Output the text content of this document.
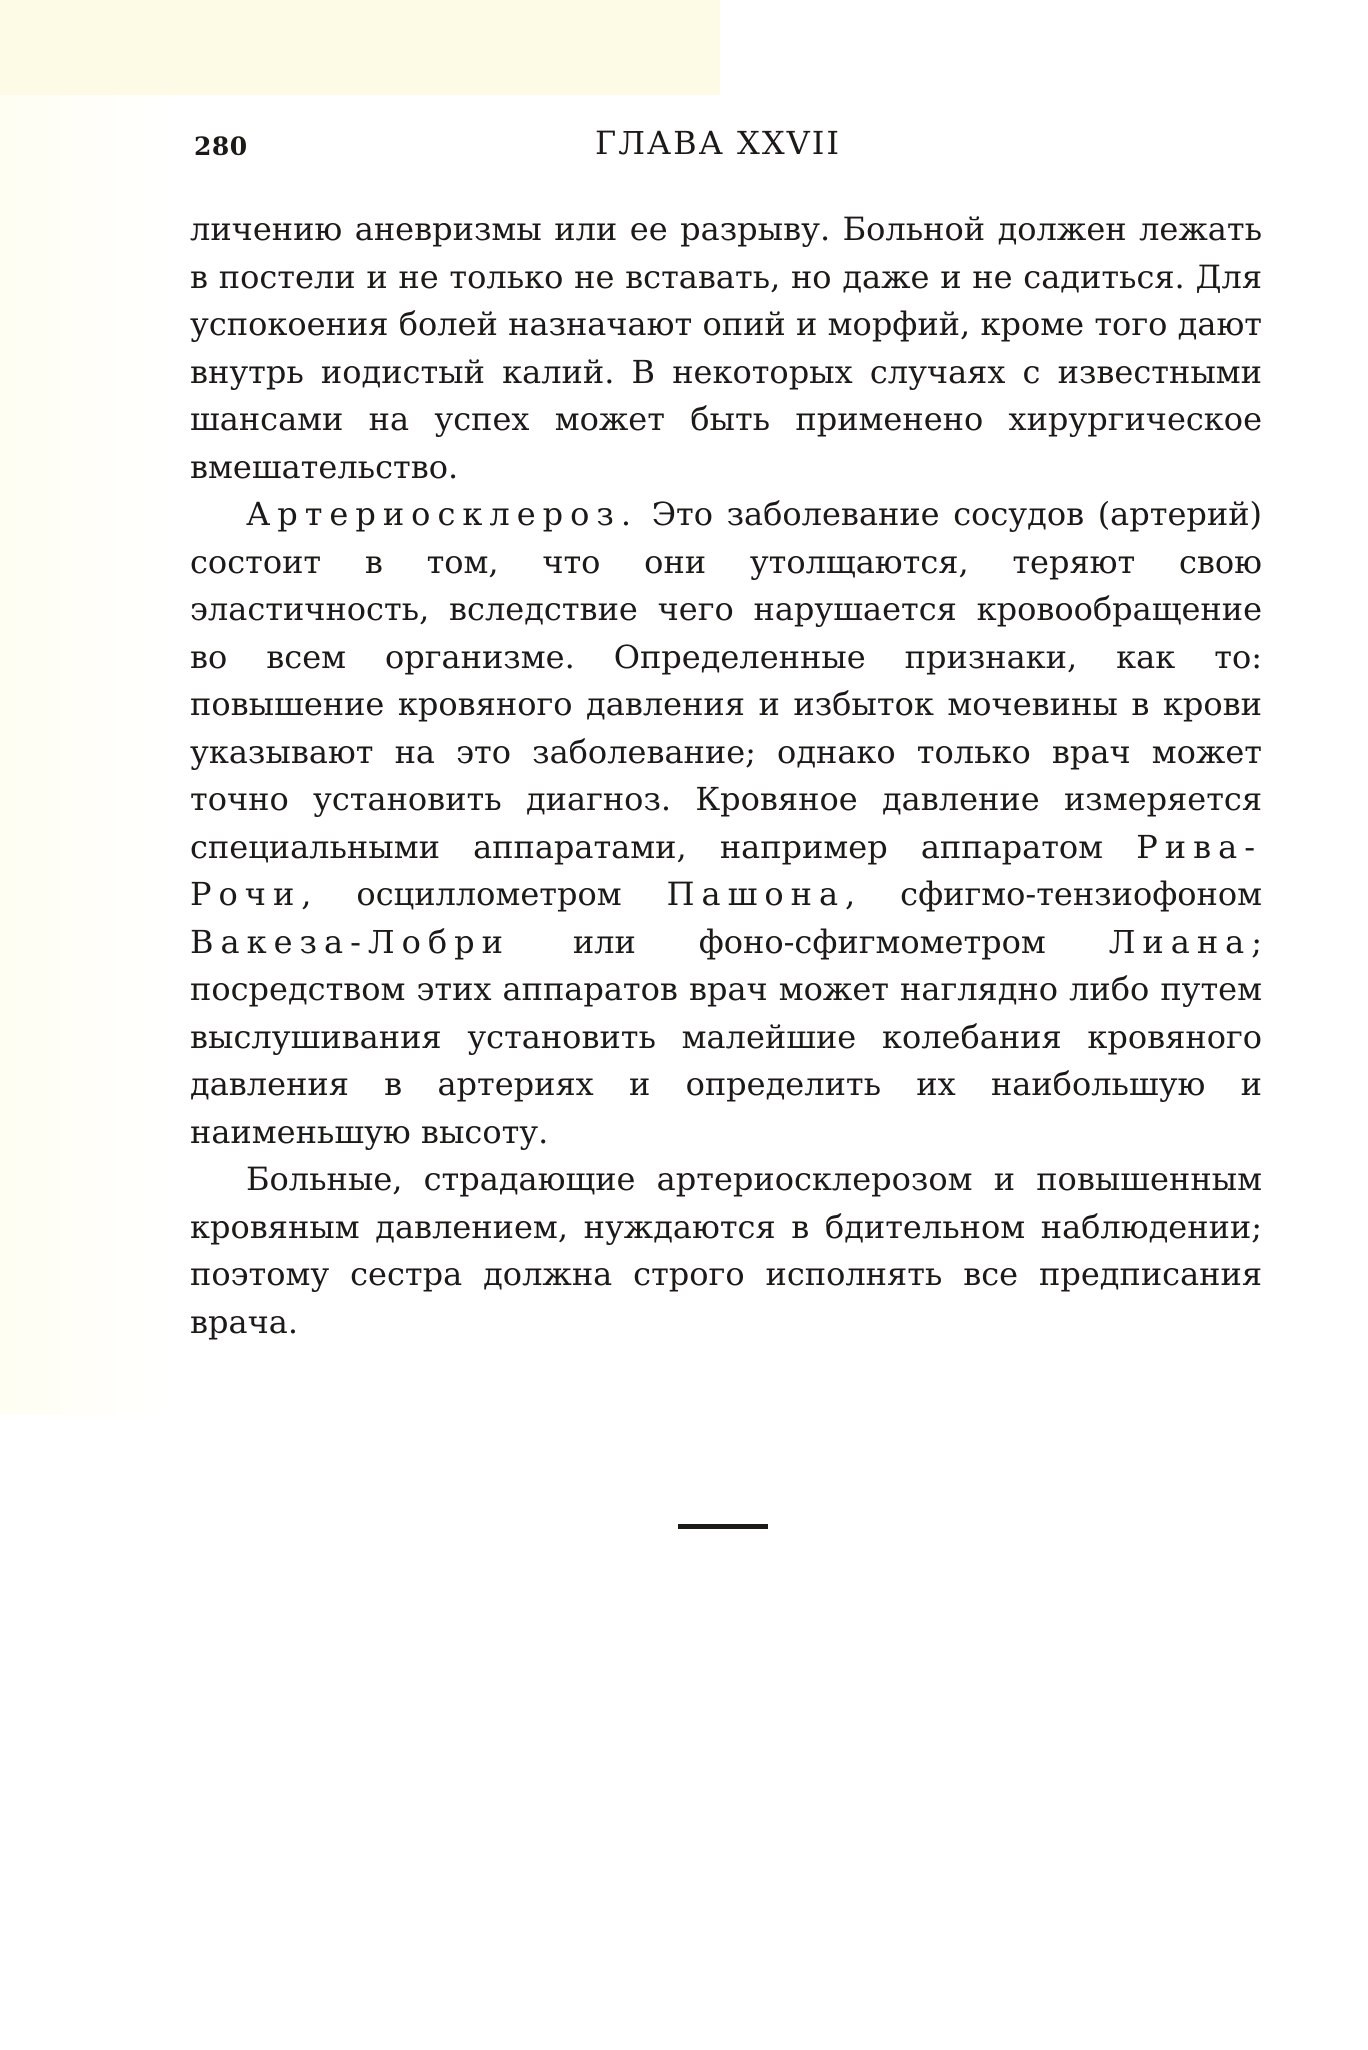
280	ГЛАВА XXVII

личению аневризмы или ее разрыву. Больной должен лежать в постели и не только не вставать, но даже и не садиться. Для успокоения болей назначают опий и морфий, кроме того дают внутрь иодистый калий. В некоторых случаях с известными шансами на успех может быть применено хирургическое вмешательство.

Артериосклероз. Это заболевание сосудов (артерий) состоит в том, что они утолщаются, теряют свою эластичность, вследствие чего нарушается кровообращение во всем организме. Определенные признаки, как то: повышение кровяного давления и избыток мочевины в крови указывают на это заболевание; однако только врач может точно установить диагноз. Кровяное давление измеряется специальными аппаратами, например аппаратом Рива-Рочи, осциллометром Пашона, сфигмо-тензиофоном Вакеза-Лобри или фоно-сфигмометром Лиана; посредством этих аппаратов врач может наглядно либо путем выслушивания установить малейшие колебания кровяного давления в артериях и определить их наибольшую и наименьшую высоту.

Больные, страдающие артериосклерозом и повышенным кровяным давлением, нуждаются в бдительном наблюдении; поэтому сестра должна строго исполнять все предписания врача.
